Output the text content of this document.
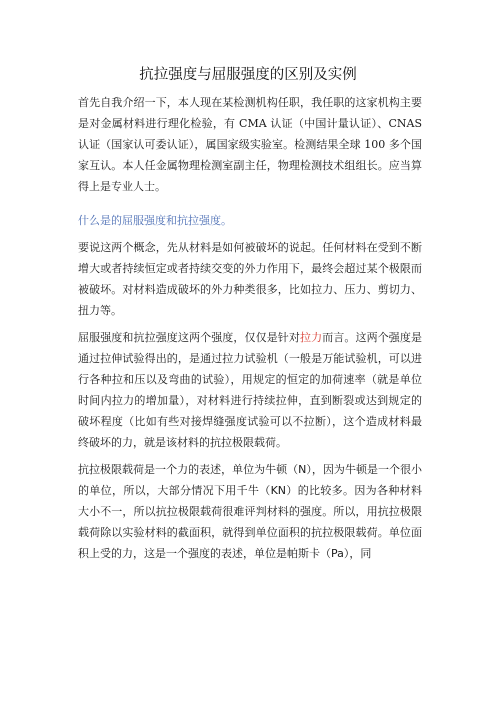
抗拉强度与屈服强度的区别及实例

首先自我介绍一下，本人现在某检测机构任职，我任职的这家机构主要是对金属材料进行理化检验，有 CMA 认证（中国计量认证）、CNAS 认证（国家认可委认证），属国家级实验室。检测结果全球 100 多个国家互认。本人任金属物理检测室副主任，物理检测技术组组长。应当算得上是专业人士。

什么是的屈服强度和抗拉强度。

要说这两个概念，先从材料是如何被破坏的说起。任何材料在受到不断增大或者持续恒定或者持续交变的外力作用下，最终会超过某个极限而被破坏。对材料造成破坏的外力种类很多，比如拉力、压力、剪切力、扭力等。

屈服强度和抗拉强度这两个强度，仅仅是针对拉力而言。这两个强度是通过拉伸试验得出的，是通过拉力试验机（一般是万能试验机，可以进行各种拉和压以及弯曲的试验），用规定的恒定的加荷速率（就是单位时间内拉力的增加量），对材料进行持续拉伸，直到断裂或达到规定的破坏程度（比如有些对接焊缝强度试验可以不拉断），这个造成材料最终破坏的力，就是该材料的抗拉极限载荷。

抗拉极限载荷是一个力的表述，单位为牛顿（N），因为牛顿是一个很小的单位，所以，大部分情况下用千牛（KN）的比较多。因为各种材料大小不一，所以抗拉极限载荷很难评判材料的强度。所以，用抗拉极限载荷除以实验材料的截面积，就得到单位面积的抗拉极限载荷。单位面积上受的力，这是一个强度的表述，单位是帕斯卡（Pa），同
